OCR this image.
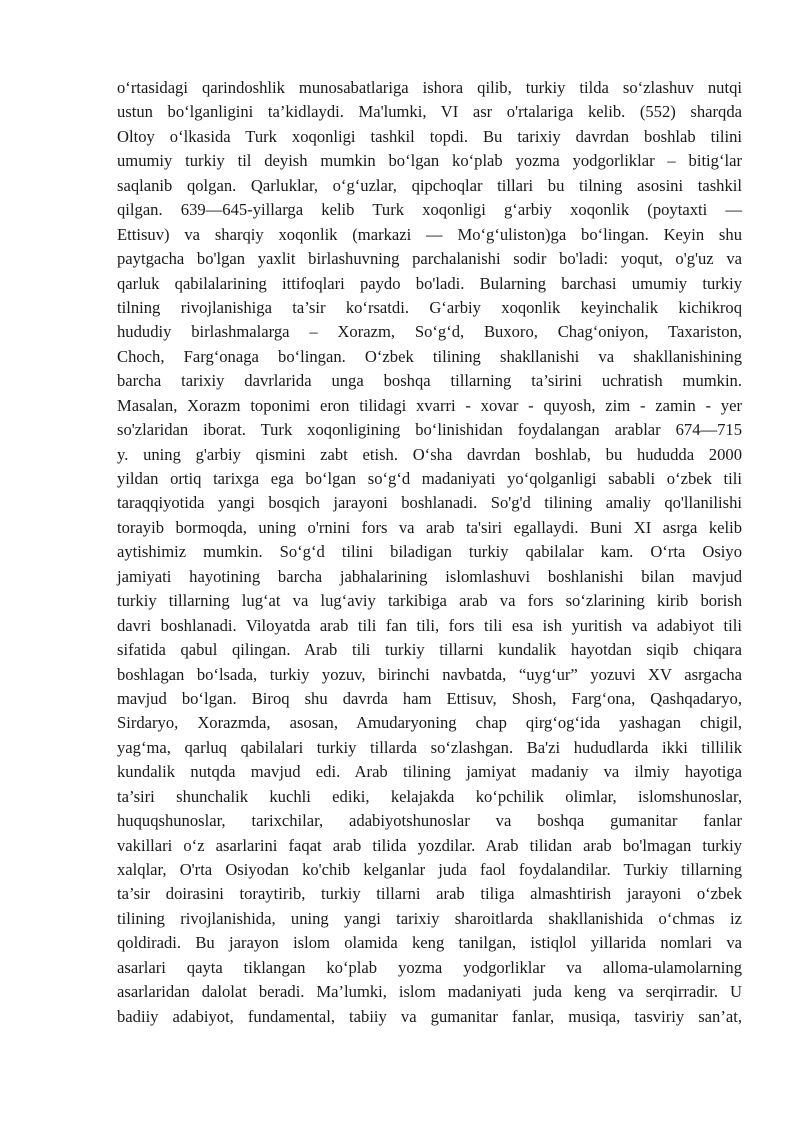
o‘rtasidagi qarindoshlik munosabatlariga ishora qilib, turkiy tilda so‘zlashuv nutqi
ustun bo‘lganligini ta’kidlaydi. Ma'lumki, VI asr o'rtalariga kelib. (552) sharqda
Oltoy o‘lkasida Turk xoqonligi tashkil topdi. Bu tarixiy davrdan boshlab tilini
umumiy turkiy til deyish mumkin bo‘lgan ko‘plab yozma yodgorliklar – bitig‘lar
saqlanib qolgan. Qarluklar, o‘g‘uzlar, qipchoqlar tillari bu tilning asosini tashkil
qilgan. 639—645-yillarga kelib Turk xoqonligi g‘arbiy xoqonlik (poytaxti —
Ettisuv) va sharqiy xoqonlik (markazi — Mo‘g‘uliston)ga bo‘lingan. Keyin shu
paytgacha bo'lgan yaxlit birlashuvning parchalanishi sodir bo'ladi: yoqut, o'g'uz va
qarluk qabilalarining ittifoqlari paydo bo'ladi. Bularning barchasi umumiy turkiy
tilning rivojlanishiga ta’sir ko‘rsatdi. G‘arbiy xoqonlik keyinchalik kichikroq
hududiy birlashmalarga – Xorazm, So‘g‘d, Buxoro, Chag‘oniyon, Taxariston,
Choch, Farg‘onaga bo‘lingan. O‘zbek tilining shakllanishi va shakllanishining
barcha tarixiy davrlarida unga boshqa tillarning ta’sirini uchratish mumkin.
Masalan, Xorazm toponimi eron tilidagi xvarri - xovar - quyosh, zim - zamin - yer
so'zlaridan iborat. Turk xoqonligining bo‘linishidan foydalangan arablar 674—715
y. uning g'arbiy qismini zabt etish. O‘sha davrdan boshlab, bu hududda 2000
yildan ortiq tarixga ega bo‘lgan so‘g‘d madaniyati yo‘qolganligi sababli o‘zbek tili
taraqqiyotida yangi bosqich jarayoni boshlanadi. So'g'd tilining amaliy qo'llanilishi
torayib bormoqda, uning o'rnini fors va arab ta'siri egallaydi. Buni XI asrga kelib
aytishimiz mumkin. So‘g‘d tilini biladigan turkiy qabilalar kam. O‘rta Osiyo
jamiyati hayotining barcha jabhalarining islomlashuvi boshlanishi bilan mavjud
turkiy tillarning lug‘at va lug‘aviy tarkibiga arab va fors so‘zlarining kirib borish
davri boshlanadi. Viloyatda arab tili fan tili, fors tili esa ish yuritish va adabiyot tili
sifatida qabul qilingan. Arab tili turkiy tillarni kundalik hayotdan siqib chiqara
boshlagan bo‘lsada, turkiy yozuv, birinchi navbatda, “uyg‘ur” yozuvi XV asrgacha
mavjud bo‘lgan. Biroq shu davrda ham Ettisuv, Shosh, Farg‘ona, Qashqadaryo,
Sirdaryo, Xorazmda, asosan, Amudaryoning chap qirg‘og‘ida yashagan chigil,
yag‘ma, qarluq qabilalari turkiy tillarda so‘zlashgan. Ba'zi hududlarda ikki tillilik
kundalik nutqda mavjud edi. Arab tilining jamiyat madaniy va ilmiy hayotiga
ta’siri shunchalik kuchli ediki, kelajakda ko‘pchilik olimlar, islomshunoslar,
huquqshunoslar, tarixchilar, adabiyotshunoslar va boshqa gumanitar fanlar
vakillari o‘z asarlarini faqat arab tilida yozdilar. Arab tilidan arab bo'lmagan turkiy
xalqlar, O'rta Osiyodan ko'chib kelganlar juda faol foydalandilar. Turkiy tillarning
ta’sir doirasini toraytirib, turkiy tillarni arab tiliga almashtirish jarayoni o‘zbek
tilining rivojlanishida, uning yangi tarixiy sharoitlarda shakllanishida o‘chmas iz
qoldiradi. Bu jarayon islom olamida keng tanilgan, istiqlol yillarida nomlari va
asarlari qayta tiklangan ko‘plab yozma yodgorliklar va alloma-ulamolarning
asarlaridan dalolat beradi. Ma’lumki, islom madaniyati juda keng va serqirradir. U
badiiy adabiyot, fundamental, tabiiy va gumanitar fanlar, musiqa, tasviriy san’at,
